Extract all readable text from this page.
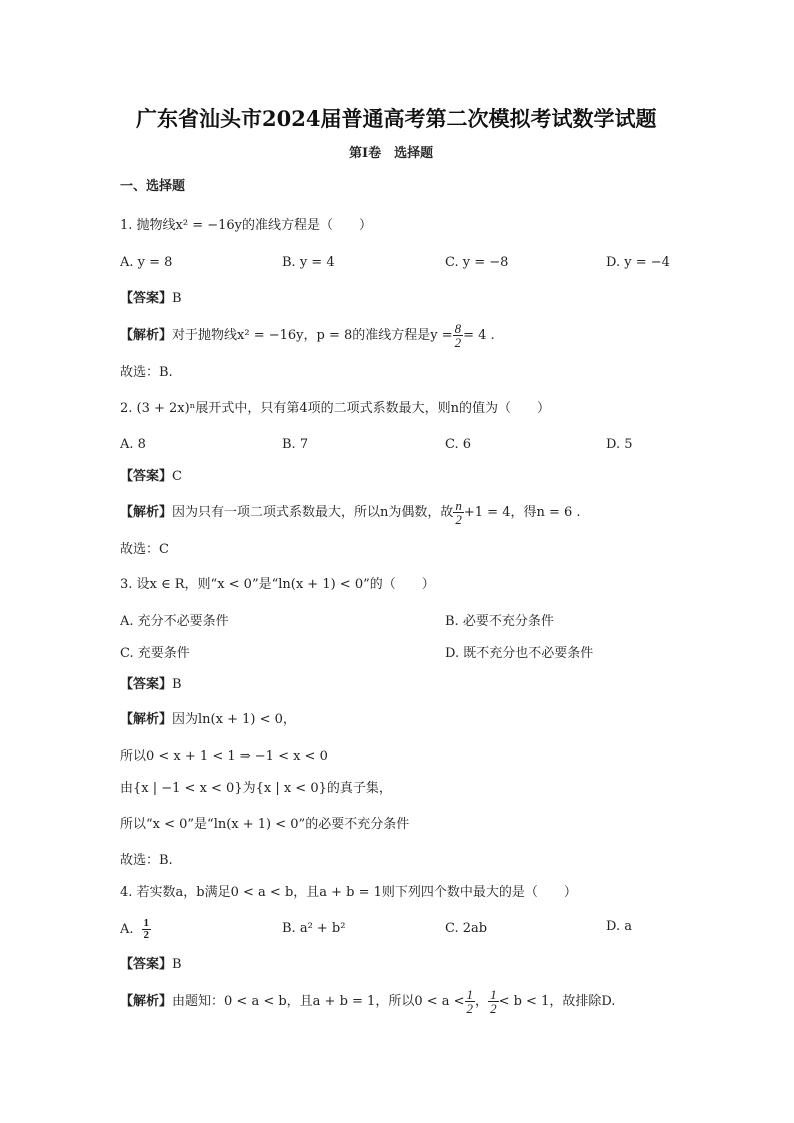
广东省汕头市2024届普通高考第二次模拟考试数学试题
第Ⅰ卷　选择题
一、选择题
1. 抛物线x² = −16y的准线方程是（　　）
A. y = 8	B. y = 4	C. y = −8	D. y = −4
【答案】B
【解析】 对于抛物线x² = −16y，p = 8的准线方程是$y = \frac{8}{2} = 4$ .
故选：B.
2. (3 + 2x)ⁿ展开式中，只有第4项的二项式系数最大，则n的值为（　　）
A. 8	B. 7	C. 6	D. 5
【答案】C
【解析】 因为只有一项二项式系数最大，所以n为偶数，故 $\frac{n}{2} +1 = 4$，得n = 6 .
故选：C
3. 设x ∈ R，则“x < 0”是“ln(x + 1) < 0”的（　　）
A. 充分不必要条件	B. 必要不充分条件
C. 充要条件	D. 既不充分也不必要条件
【答案】B
【解析】因为ln(x + 1) < 0，
所以0 < x + 1 < 1 ⇒ −1 < x < 0
由{x | −1 < x < 0}为{x | x < 0}的真子集，
所以“x < 0”是“ln(x + 1) < 0”的必要不充分条件
故选：B.
4. 若实数a，b满足0 < a < b，且a + b = 1则下列四个数中最大的是（　　）
A. $\frac{1}{2}$	B. a² + b²	C. 2ab	D. a
【答案】B
【解析】 由题知：0 < a < b，且a + b = 1，所以$0 < a < \frac{1}{2}$ ， $\frac{1}{2} < b < 1$，故排除D.
